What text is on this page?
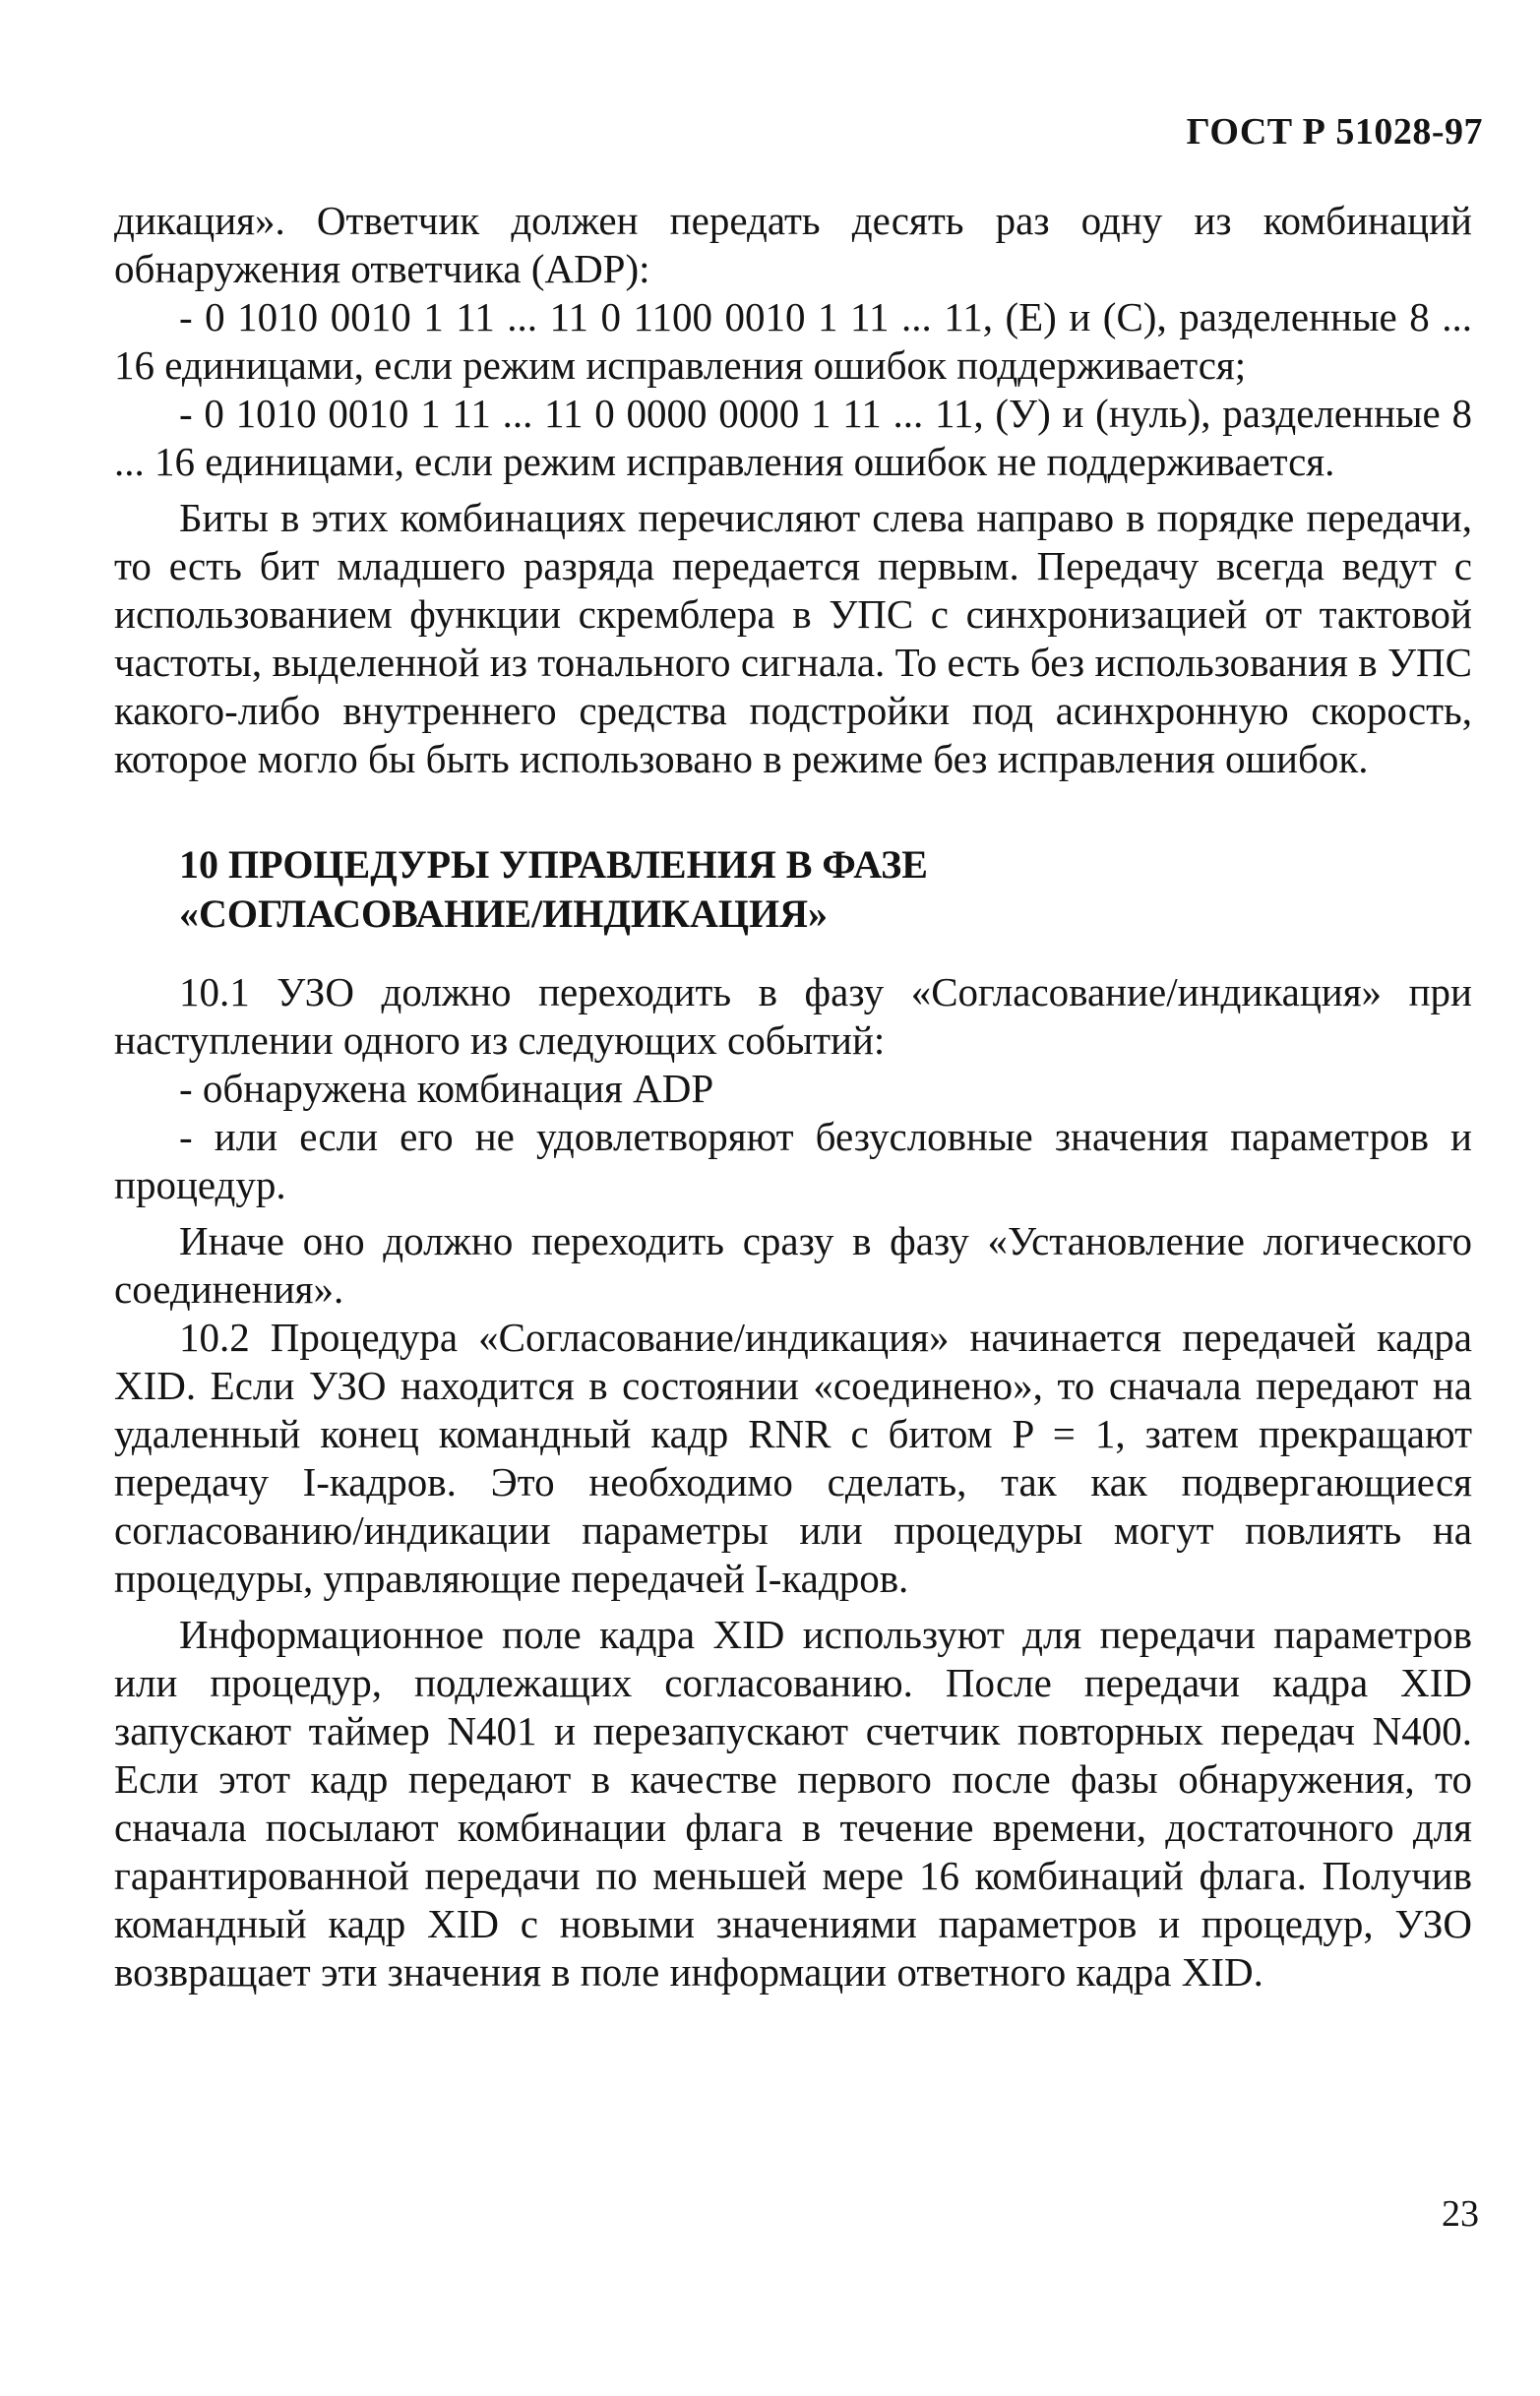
ГОСТ Р 51028-97

дикация». Ответчик должен передать десять раз одну из комбинаций обнаружения ответчика (ADP):

- 0 1010 0010 1 11 ... 11 0 1100 0010 1 11 ... 11, (Е) и (С), разделенные 8 ... 16 единицами, если режим исправления ошибок поддерживается;

- 0 1010 0010 1 11 ... 11 0 0000 0000 1 11 ... 11, (У) и (нуль), разделенные 8 ... 16 единицами, если режим исправления ошибок не поддерживается.

Биты в этих комбинациях перечисляют слева направо в порядке передачи, то есть бит младшего разряда передается первым. Передачу всегда ведут с использованием функции скремблера в УПС с синхронизацией от тактовой частоты, выделенной из тонального сигнала. То есть без использования в УПС какого-либо внутреннего средства подстройки под асинхронную скорость, которое могло бы быть использовано в режиме без исправления ошибок.

10 ПРОЦЕДУРЫ УПРАВЛЕНИЯ В ФАЗЕ
«СОГЛАСОВАНИЕ/ИНДИКАЦИЯ»

10.1 УЗО должно переходить в фазу «Согласование/индикация» при наступлении одного из следующих событий:

- обнаружена комбинация ADP

- или если его не удовлетворяют безусловные значения параметров и процедур.

Иначе оно должно переходить сразу в фазу «Установление логического соединения».

10.2 Процедура «Согласование/индикация» начинается передачей кадра XID. Если УЗО находится в состоянии «соединено», то сначала передают на удаленный конец командный кадр RNR с битом P = 1, затем прекращают передачу I-кадров. Это необходимо сделать, так как подвергающиеся согласованию/индикации параметры или процедуры могут повлиять на процедуры, управляющие передачей I-кадров.

Информационное поле кадра XID используют для передачи параметров или процедур, подлежащих согласованию. После передачи кадра XID запускают таймер N401 и перезапускают счетчик повторных передач N400. Если этот кадр передают в качестве первого после фазы обнаружения, то сначала посылают комбинации флага в течение времени, достаточного для гарантированной передачи по меньшей мере 16 комбинаций флага. Получив командный кадр XID с новыми значениями параметров и процедур, УЗО возвращает эти значения в поле информации ответного кадра XID.

23
